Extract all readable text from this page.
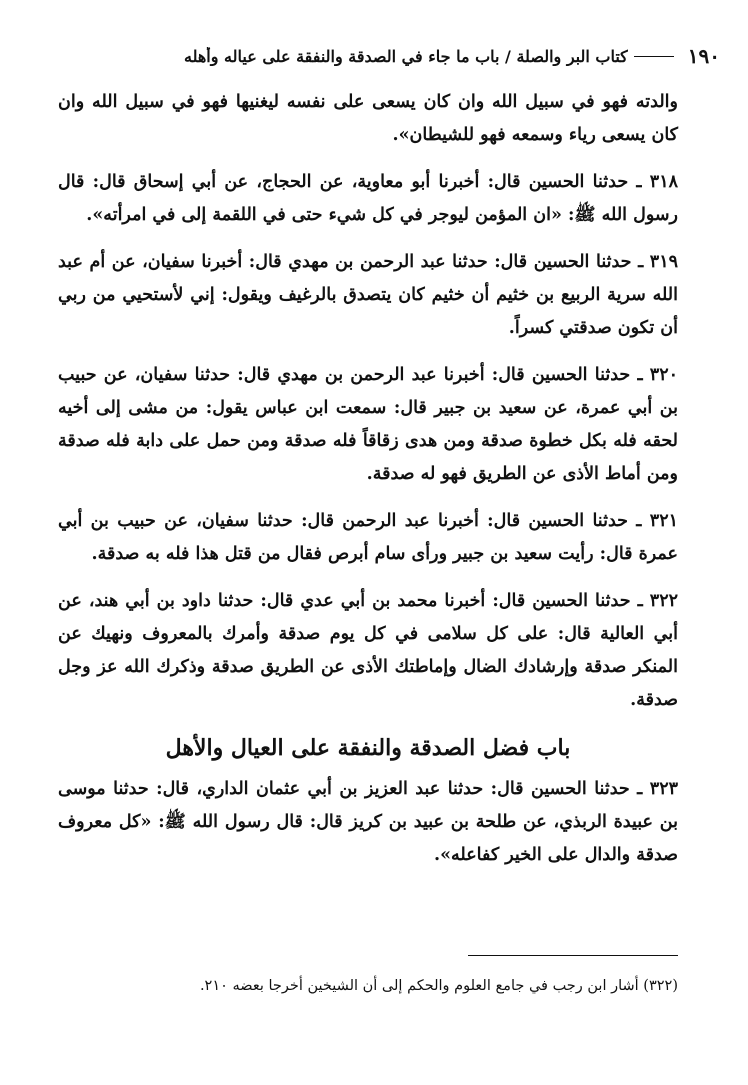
١٩٠
كتاب البر والصلة / باب ما جاء في الصدقة والنفقة على عياله وأهله

والدته فهو في سبيل الله وان كان يسعى على نفسه ليغنيها فهو في سبيل الله وان كان يسعى رياء وسمعه فهو للشيطان».

٣١٨ ـ حدثنا الحسين قال: أخبرنا أبو معاوية، عن الحجاج، عن أبي إسحاق قال: قال رسول الله ﷺ: «ان المؤمن ليوجر في كل شيء حتى في اللقمة إلى في امرأته».

٣١٩ ـ حدثنا الحسين قال: حدثنا عبد الرحمن بن مهدي قال: أخبرنا سفيان، عن أم عبد الله سرية الربيع بن خثيم أن خثيم كان يتصدق بالرغيف ويقول: إني لأستحيي من ربي أن تكون صدقتي كسراً.

٣٢٠ ـ حدثنا الحسين قال: أخبرنا عبد الرحمن بن مهدي قال: حدثنا سفيان، عن حبيب بن أبي عمرة، عن سعيد بن جبير قال: سمعت ابن عباس يقول: من مشى إلى أخيه لحقه فله بكل خطوة صدقة ومن هدى زقاقاً فله صدقة ومن حمل على دابة فله صدقة ومن أماط الأذى عن الطريق فهو له صدقة.

٣٢١ ـ حدثنا الحسين قال: أخبرنا عبد الرحمن قال: حدثنا سفيان، عن حبيب بن أبي عمرة قال: رأيت سعيد بن جبير ورأى سام أبرص فقال من قتل هذا فله به صدقة.

٣٢٢ ـ حدثنا الحسين قال: أخبرنا محمد بن أبي عدي قال: حدثنا داود بن أبي هند، عن أبي العالية قال: على كل سلامى في كل يوم صدقة وأمرك بالمعروف ونهيك عن المنكر صدقة وإرشادك الضال وإماطتك الأذى عن الطريق صدقة وذكرك الله عز وجل صدقة.

باب فضل الصدقة والنفقة على العيال والأهل

٣٢٣ ـ حدثنا الحسين قال: حدثنا عبد العزيز بن أبي عثمان الداري، قال: حدثنا موسى بن عبيدة الربذي، عن طلحة بن عبيد بن كريز قال: قال رسول الله ﷺ: «كل معروف صدقة والدال على الخير كفاعله».

(٣٢٢) أشار ابن رجب في جامع العلوم والحكم إلى أن الشيخين أخرجا بعضه ٢١٠.
